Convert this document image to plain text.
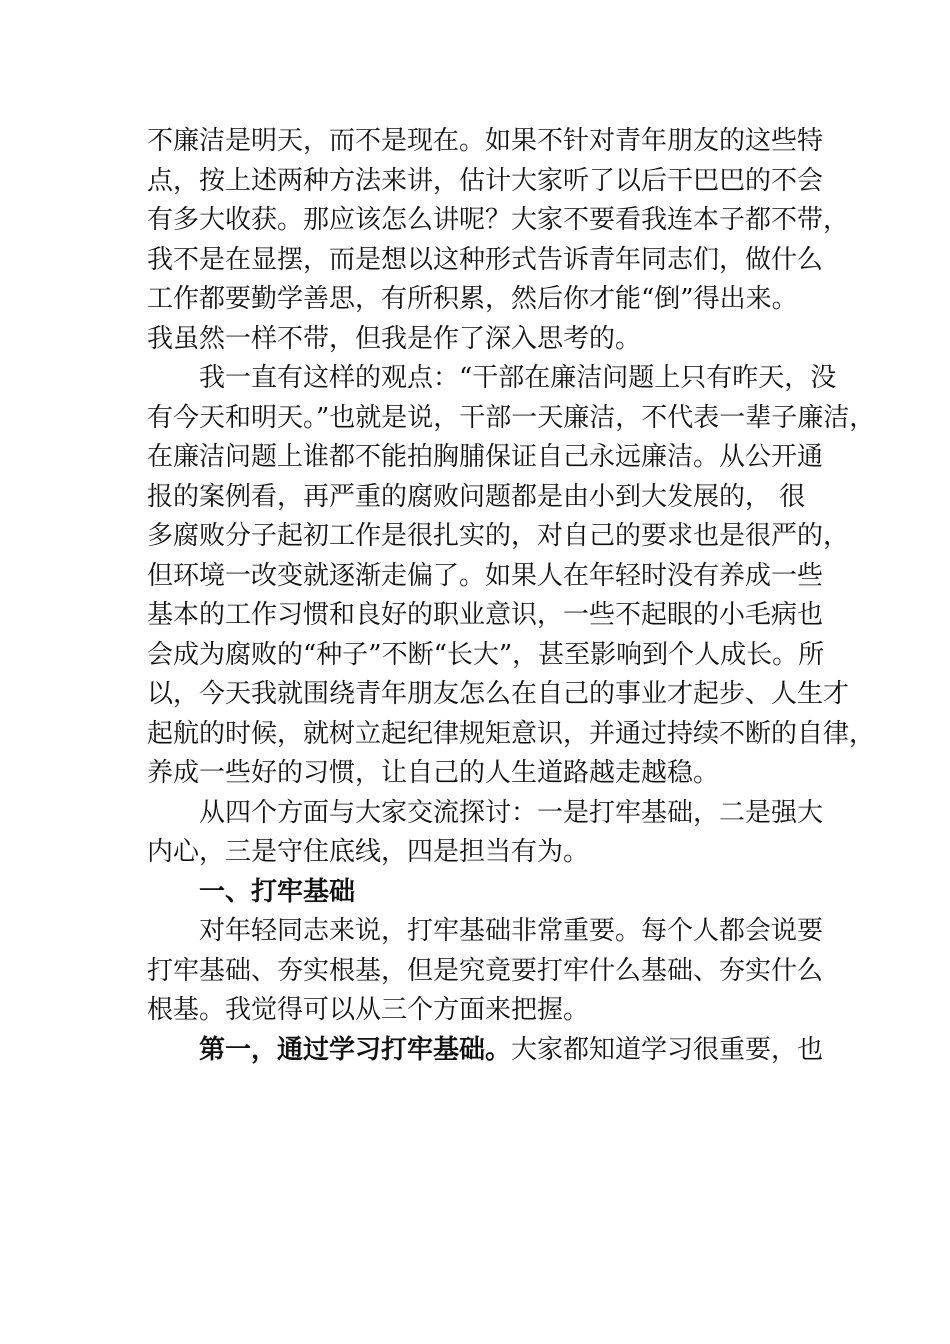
不廉洁是明天，而不是现在。如果不针对青年朋友的这些特
点，按上述两种方法来讲，估计大家听了以后干巴巴的不会
有多大收获。那应该怎么讲呢？大家不要看我连本子都不带，
我不是在显摆，而是想以这种形式告诉青年同志们，做什么
工作都要勤学善思，有所积累，然后你才能“倒”得出来。
我虽然一样不带，但我是作了深入思考的。
我一直有这样的观点：“干部在廉洁问题上只有昨天，没
有今天和明天。”也就是说，干部一天廉洁，不代表一辈子廉洁，
在廉洁问题上谁都不能拍胸脯保证自己永远廉洁。从公开通
报的案例看，再严重的腐败问题都是由小到大发展的， 很
多腐败分子起初工作是很扎实的，对自己的要求也是很严的，
但环境一改变就逐渐走偏了。如果人在年轻时没有养成一些
基本的工作习惯和良好的职业意识，一些不起眼的小毛病也
会成为腐败的“种子”不断“长大”，甚至影响到个人成长。所
以，今天我就围绕青年朋友怎么在自己的事业才起步、人生才
起航的时候，就树立起纪律规矩意识，并通过持续不断的自律，
养成一些好的习惯，让自己的人生道路越走越稳。
从四个方面与大家交流探讨：一是打牢基础，二是强大
内心，三是守住底线，四是担当有为。
一、打牢基础
对年轻同志来说，打牢基础非常重要。每个人都会说要
打牢基础、夯实根基，但是究竟要打牢什么基础、夯实什么
根基。我觉得可以从三个方面来把握。
第一，通过学习打牢基础。大家都知道学习很重要，也
